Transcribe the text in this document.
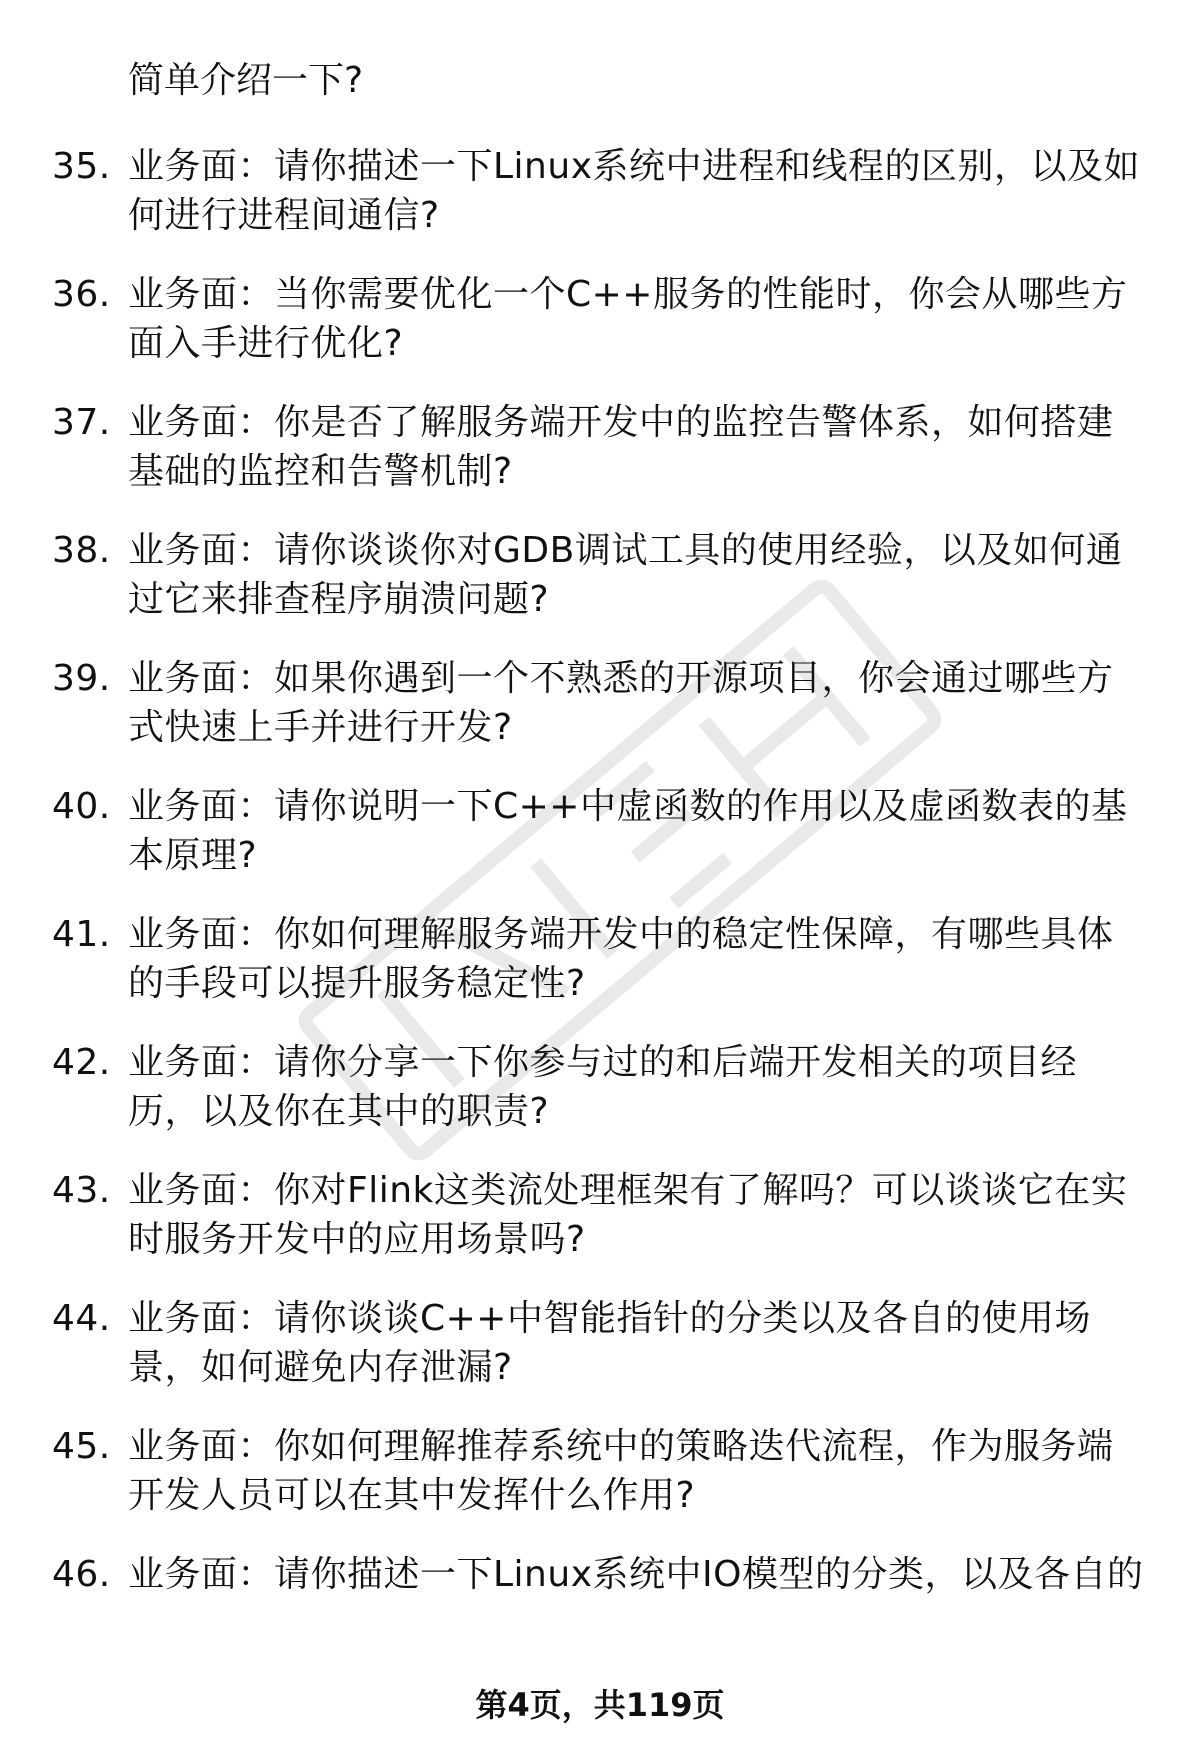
简单介绍一下?
35. 业务面：请你描述一下Linux系统中进程和线程的区别，以及如何进行进程间通信?
36. 业务面：当你需要优化一个C++服务的性能时，你会从哪些方面入手进行优化?
37. 业务面：你是否了解服务端开发中的监控告警体系，如何搭建基础的监控和告警机制?
38. 业务面：请你谈谈你对GDB调试工具的使用经验，以及如何通过它来排查程序崩溃问题?
39. 业务面：如果你遇到一个不熟悉的开源项目，你会通过哪些方式快速上手并进行开发?
40. 业务面：请你说明一下C++中虚函数的作用以及虚函数表的基本原理?
41. 业务面：你如何理解服务端开发中的稳定性保障，有哪些具体的手段可以提升服务稳定性?
42. 业务面：请你分享一下你参与过的和后端开发相关的项目经历，以及你在其中的职责?
43. 业务面：你对Flink这类流处理框架有了解吗？可以谈谈它在实时服务开发中的应用场景吗?
44. 业务面：请你谈谈C++中智能指针的分类以及各自的使用场景，如何避免内存泄漏?
45. 业务面：你如何理解推荐系统中的策略迭代流程，作为服务端开发人员可以在其中发挥什么作用?
46. 业务面：请你描述一下Linux系统中IO模型的分类，以及各自的
第4页，共119页
